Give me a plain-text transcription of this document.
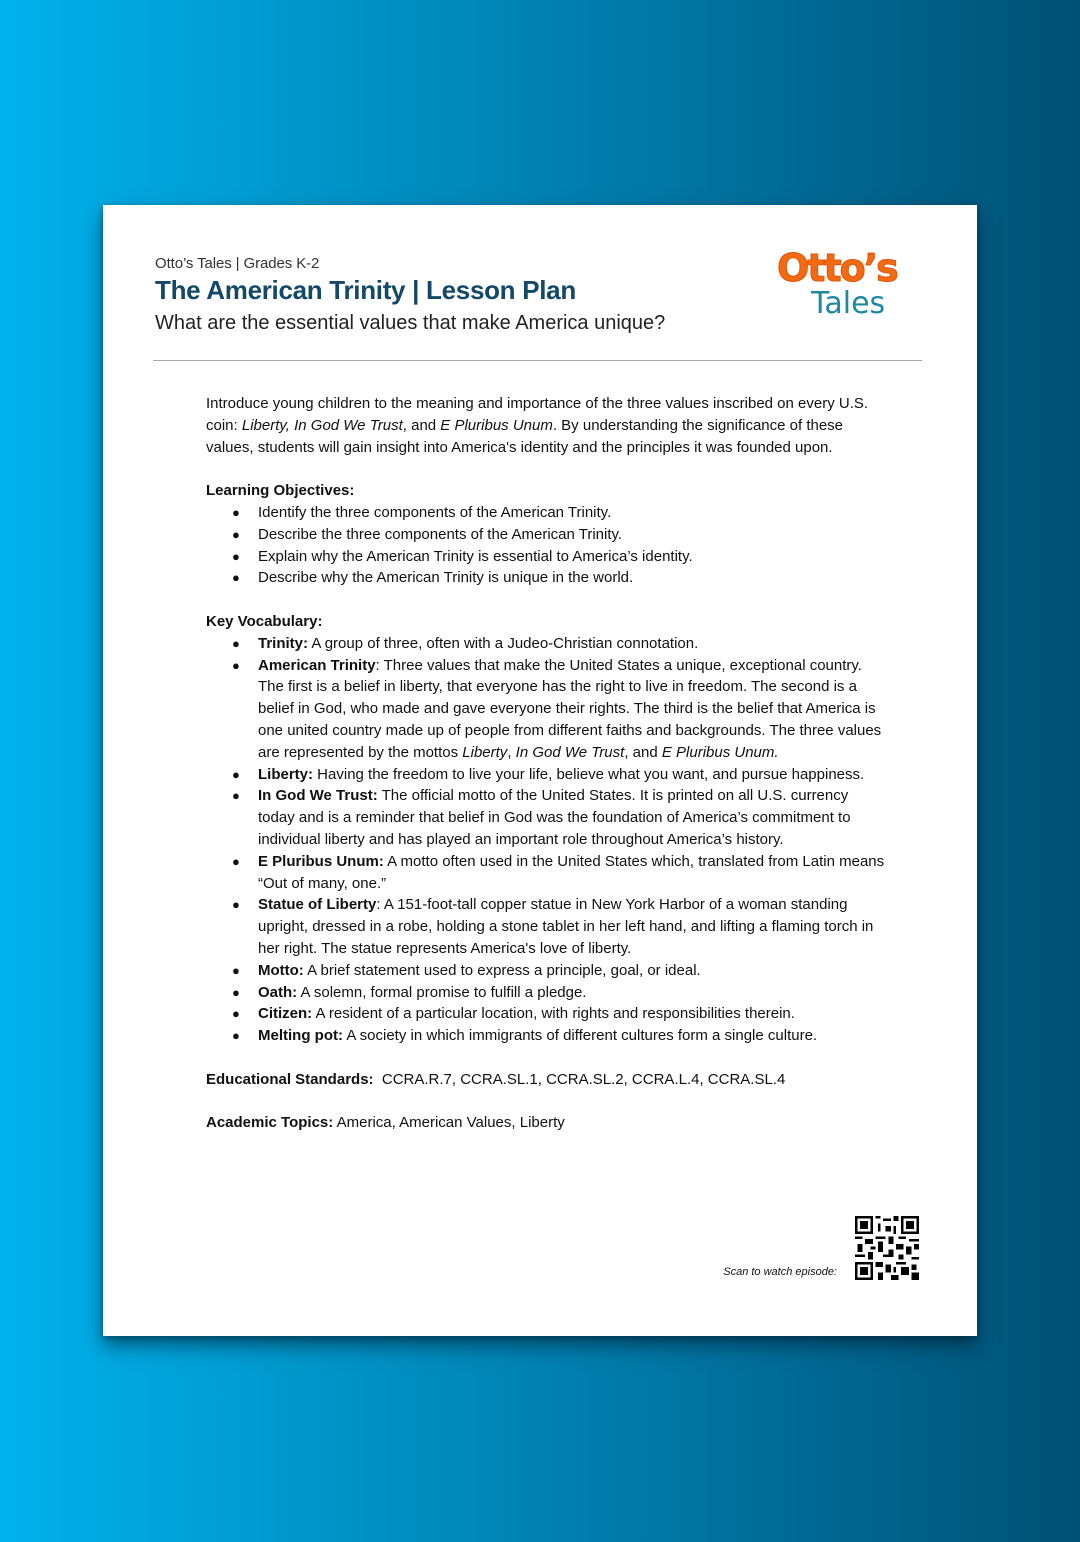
Otto’s Tales | Grades K-2
The American Trinity | Lesson Plan
What are the essential values that make America unique?
Otto’s
Tales

Introduce young children to the meaning and importance of the three values inscribed on every U.S. coin: Liberty, In God We Trust, and E Pluribus Unum. By understanding the significance of these values, students will gain insight into America's identity and the principles it was founded upon.

Learning Objectives:

● Identify the three components of the American Trinity.
● Describe the three components of the American Trinity.
● Explain why the American Trinity is essential to America’s identity.
● Describe why the American Trinity is unique in the world.

Key Vocabulary:

● Trinity: A group of three, often with a Judeo-Christian connotation.
● American Trinity: Three values that make the United States a unique, exceptional country. The first is a belief in liberty, that everyone has the right to live in freedom. The second is a belief in God, who made and gave everyone their rights. The third is the belief that America is one united country made up of people from different faiths and backgrounds. The three values are represented by the mottos Liberty, In God We Trust, and E Pluribus Unum.
● Liberty: Having the freedom to live your life, believe what you want, and pursue happiness.
● In God We Trust: The official motto of the United States. It is printed on all U.S. currency today and is a reminder that belief in God was the foundation of America’s commitment to individual liberty and has played an important role throughout America’s history.
● E Pluribus Unum: A motto often used in the United States which, translated from Latin means “Out of many, one.”
● Statue of Liberty: A 151-foot-tall copper statue in New York Harbor of a woman standing upright, dressed in a robe, holding a stone tablet in her left hand, and lifting a flaming torch in her right. The statue represents America's love of liberty.
● Motto: A brief statement used to express a principle, goal, or ideal.
● Oath: A solemn, formal promise to fulfill a pledge.
● Citizen: A resident of a particular location, with rights and responsibilities therein.
● Melting pot: A society in which immigrants of different cultures form a single culture.

Educational Standards:  CCRA.R.7, CCRA.SL.1, CCRA.SL.2, CCRA.L.4, CCRA.SL.4

Academic Topics: America, American Values, Liberty

Scan to watch episode:
